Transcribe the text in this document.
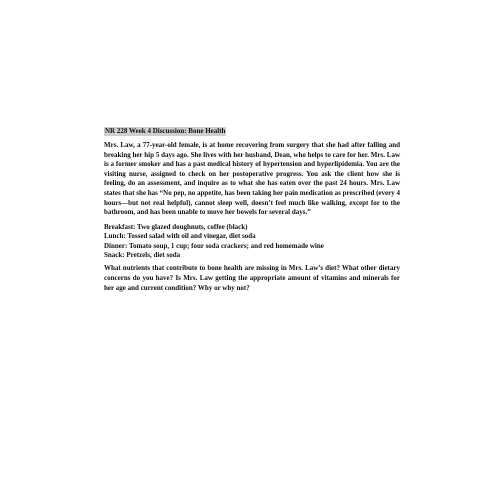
NR 228 Week 4 Discussion: Bone Health

Mrs. Law, a 77-year-old female, is at home recovering from surgery that she had after falling and breaking her hip 5 days ago. She lives with her husband, Dean, who helps to care for her. Mrs. Law is a former smoker and has a past medical history of hypertension and hyperlipidemia. You are the visiting nurse, assigned to check on her postoperative progress. You ask the client how she is feeling, do an assessment, and inquire as to what she has eaten over the past 24 hours. Mrs. Law states that she has “No pep, no appetite, has been taking her pain medication as prescribed (every 4 hours—but not real helpful), cannot sleep well, doesn’t feel much like walking, except for to the bathroom, and has been unable to move her bowels for several days.”

Breakfast: Two glazed doughnuts, coffee (black)
Lunch: Tossed salad with oil and vinegar, diet soda
Dinner: Tomato soup, 1 cup; four soda crackers; and red homemade wine
Snack: Pretzels, diet soda

What nutrients that contribute to bone health are missing in Mrs. Law’s diet? What other dietary concerns do you have? Is Mrs. Law getting the appropriate amount of vitamins and minerals for her age and current condition? Why or why not?
